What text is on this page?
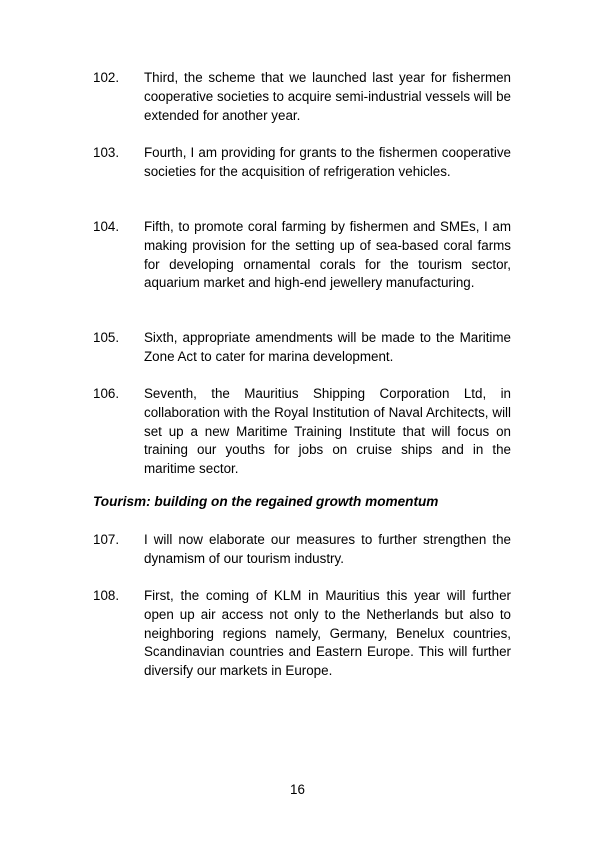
102.	Third, the scheme that we launched last year for fishermen cooperative societies to acquire semi-industrial vessels will be extended for another year.
103.	Fourth, I am providing for grants to the fishermen cooperative societies for the acquisition of refrigeration vehicles.
104.	Fifth, to promote coral farming by fishermen and SMEs, I am making provision for the setting up of sea-based coral farms for developing ornamental corals for the tourism sector, aquarium market and high-end jewellery manufacturing.
105.	Sixth, appropriate amendments will be made to the Maritime Zone Act to cater for marina development.
106.	Seventh, the Mauritius Shipping Corporation Ltd, in collaboration with the Royal Institution of Naval Architects, will set up a new Maritime Training Institute that will focus on training our youths for jobs on cruise ships and in the maritime sector.
Tourism: building on the regained growth momentum
107.	I will now elaborate our measures to further strengthen the dynamism of our tourism industry.
108.	First, the coming of KLM in Mauritius this year will further open up air access not only to the Netherlands but also to neighboring regions namely, Germany, Benelux countries, Scandinavian countries and Eastern Europe. This will further diversify our markets in Europe.
16
